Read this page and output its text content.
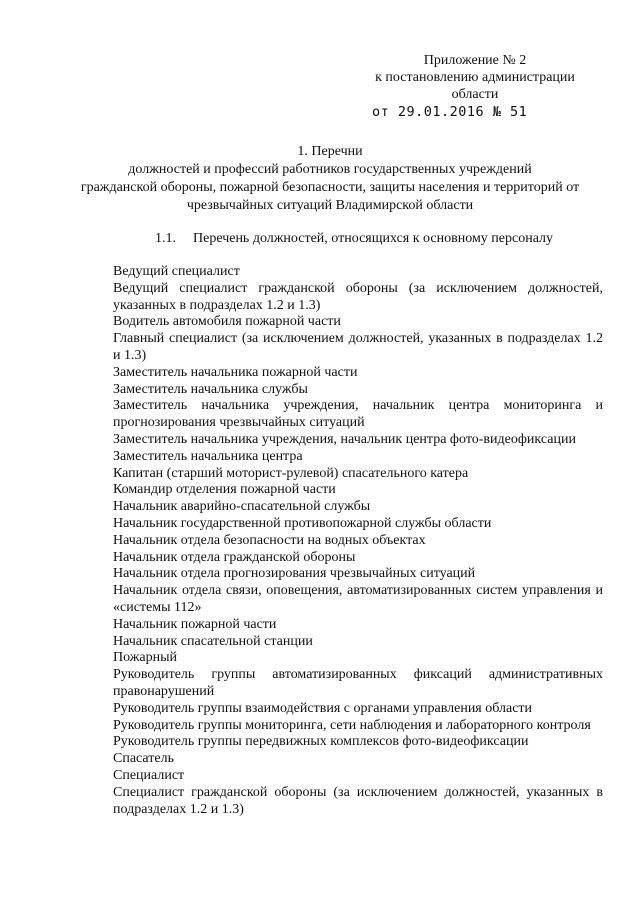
Приложение № 2
к постановлению администрации
области
от 29.01.2016 № 51
1. Перечни
должностей и профессий работников государственных учреждений
гражданской обороны, пожарной безопасности, защиты населения и территорий от
чрезвычайных ситуаций Владимирской области
1.1. Перечень должностей, относящихся к основному персоналу
Ведущий специалист
Ведущий специалист гражданской обороны (за исключением должностей, указанных в подразделах 1.2 и 1.3)
Водитель автомобиля пожарной части
Главный специалист (за исключением должностей, указанных в подразделах 1.2 и 1.3)
Заместитель начальника пожарной части
Заместитель начальника службы
Заместитель начальника учреждения, начальник центра мониторинга и прогнозирования чрезвычайных ситуаций
Заместитель начальника учреждения, начальник центра фото-видеофиксации
Заместитель начальника центра
Капитан (старший моторист-рулевой) спасательного катера
Командир отделения пожарной части
Начальник аварийно-спасательной службы
Начальник государственной противопожарной службы области
Начальник отдела безопасности на водных объектах
Начальник отдела гражданской обороны
Начальник отдела прогнозирования чрезвычайных ситуаций
Начальник отдела связи, оповещения, автоматизированных систем управления и «системы 112»
Начальник пожарной части
Начальник спасательной станции
Пожарный
Руководитель группы автоматизированных фиксаций административных правонарушений
Руководитель группы взаимодействия с органами управления области
Руководитель группы мониторинга, сети наблюдения и лабораторного контроля
Руководитель группы передвижных комплексов фото-видеофиксации
Спасатель
Специалист
Специалист гражданской обороны (за исключением должностей, указанных в подразделах 1.2 и 1.3)
